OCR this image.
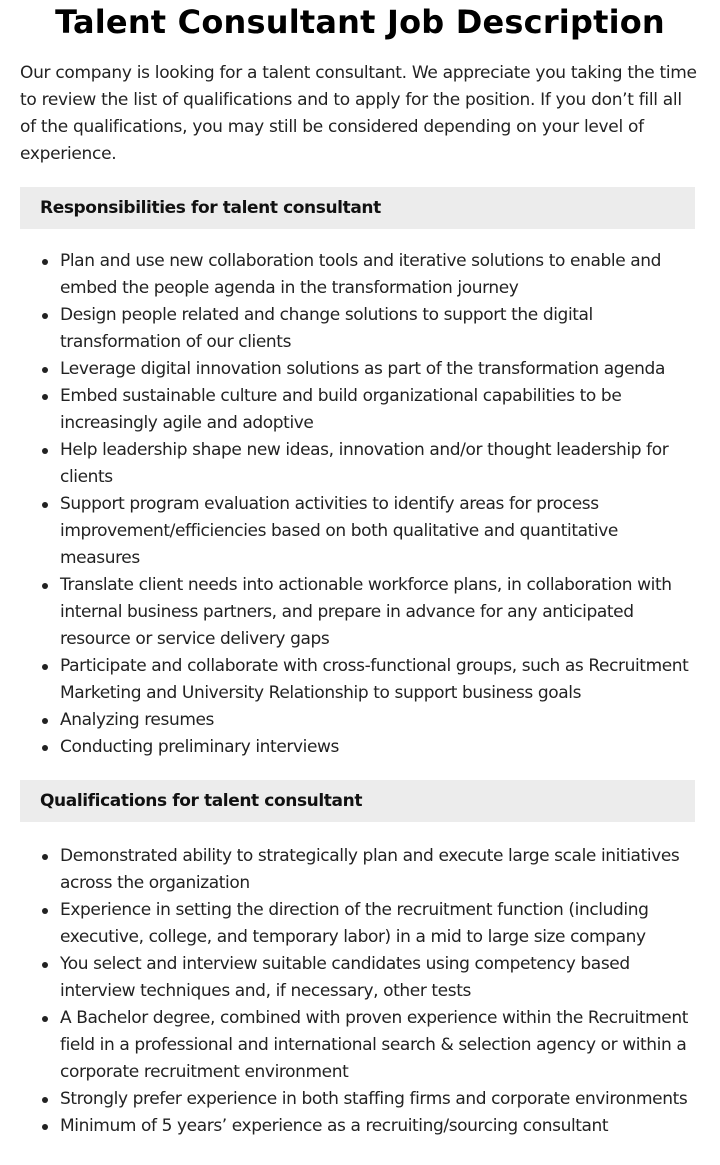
Talent Consultant Job Description

Our company is looking for a talent consultant. We appreciate you taking the time to review the list of qualifications and to apply for the position. If you don’t fill all of the qualifications, you may still be considered depending on your level of experience.

Responsibilities for talent consultant
Plan and use new collaboration tools and iterative solutions to enable and embed the people agenda in the transformation journey
Design people related and change solutions to support the digital transformation of our clients
Leverage digital innovation solutions as part of the transformation agenda
Embed sustainable culture and build organizational capabilities to be increasingly agile and adoptive
Help leadership shape new ideas, innovation and/or thought leadership for clients
Support program evaluation activities to identify areas for process improvement/efficiencies based on both qualitative and quantitative measures
Translate client needs into actionable workforce plans, in collaboration with internal business partners, and prepare in advance for any anticipated resource or service delivery gaps
Participate and collaborate with cross-functional groups, such as Recruitment Marketing and University Relationship to support business goals
Analyzing resumes
Conducting preliminary interviews
Qualifications for talent consultant
Demonstrated ability to strategically plan and execute large scale initiatives across the organization
Experience in setting the direction of the recruitment function (including executive, college, and temporary labor) in a mid to large size company
You select and interview suitable candidates using competency based interview techniques and, if necessary, other tests
A Bachelor degree, combined with proven experience within the Recruitment field in a professional and international search & selection agency or within a corporate recruitment environment
Strongly prefer experience in both staffing firms and corporate environments
Minimum of 5 years’ experience as a recruiting/sourcing consultant
